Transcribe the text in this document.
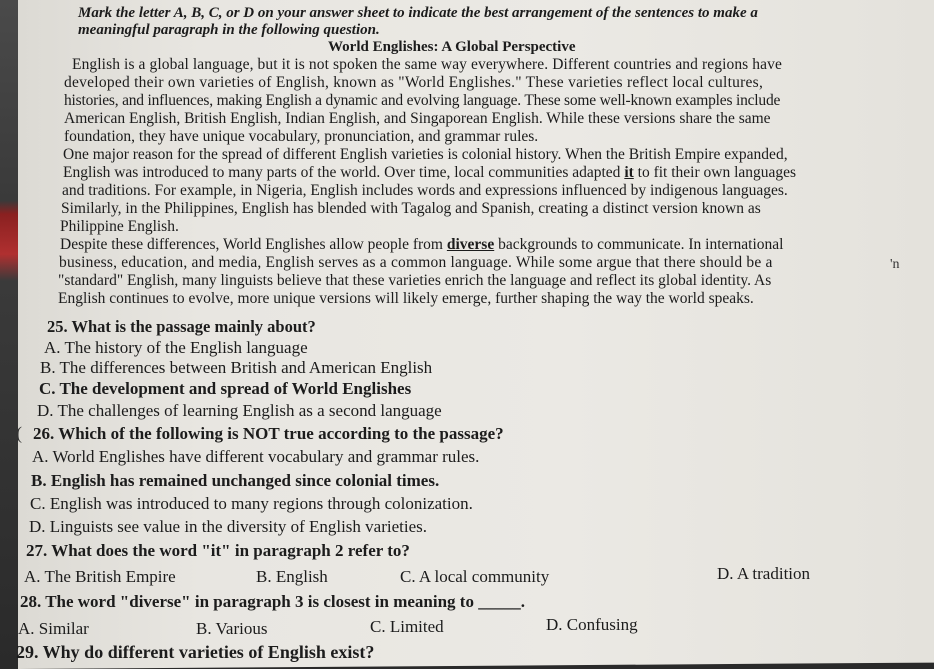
Mark the letter A, B, C, or D on your answer sheet to indicate the best arrangement of the sentences to make a
meaningful paragraph in the following question.
World Englishes: A Global Perspective
English is a global language, but it is not spoken the same way everywhere. Different countries and regions have
developed their own varieties of English, known as "World Englishes." These varieties reflect local cultures,
histories, and influences, making English a dynamic and evolving language. These some well-known examples include
American English, British English, Indian English, and Singaporean English. While these versions share the same
foundation, they have unique vocabulary, pronunciation, and grammar rules.
One major reason for the spread of different English varieties is colonial history. When the British Empire expanded,
English was introduced to many parts of the world. Over time, local communities adapted it to fit their own languages
and traditions. For example, in Nigeria, English includes words and expressions influenced by indigenous languages.
Similarly, in the Philippines, English has blended with Tagalog and Spanish, creating a distinct version known as
Philippine English.
Despite these differences, World Englishes allow people from diverse backgrounds to communicate. In international
business, education, and media, English serves as a common language. While some argue that there should be a
"standard" English, many linguists believe that these varieties enrich the language and reflect its global identity. As
English continues to evolve, more unique versions will likely emerge, further shaping the way the world speaks.
'n
25. What is the passage mainly about?
A. The history of the English language
B. The differences between British and American English
C. The development and spread of World Englishes
D. The challenges of learning English as a second language
( 26. Which of the following is NOT true according to the passage?
A. World Englishes have different vocabulary and grammar rules.
B. English has remained unchanged since colonial times.
C. English was introduced to many regions through colonization.
D. Linguists see value in the diversity of English varieties.
27. What does the word "it" in paragraph 2 refer to?
A. The British Empire	B. English	C. A local community	D. A tradition
28. The word "diverse" in paragraph 3 is closest in meaning to _____.
A. Similar	B. Various	C. Limited	D. Confusing
29. Why do different varieties of English exist?
